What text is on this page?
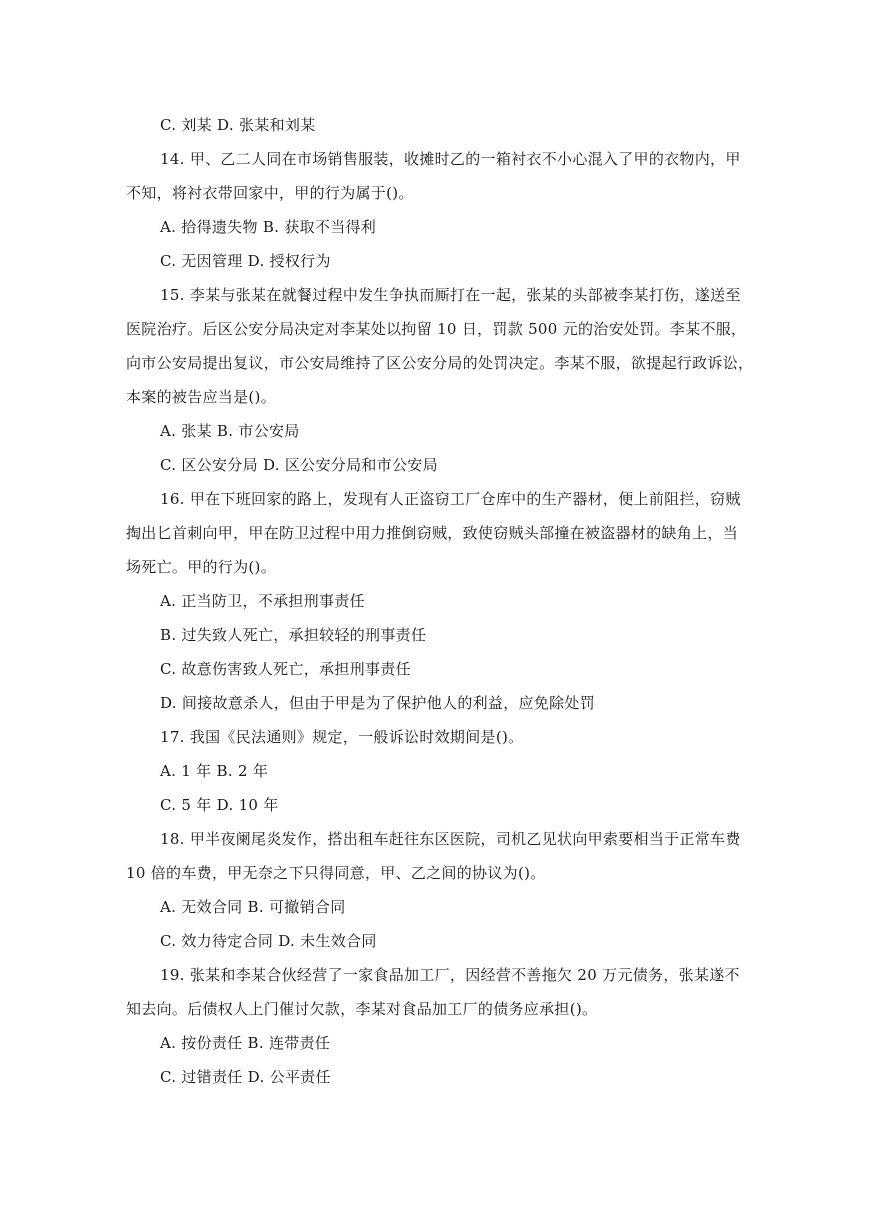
C. 刘某 D. 张某和刘某
14. 甲、乙二人同在市场销售服装，收摊时乙的一箱衬衣不小心混入了甲的衣物内，甲
不知，将衬衣带回家中，甲的行为属于()。
A. 拾得遗失物 B. 获取不当得利
C. 无因管理 D. 授权行为
15. 李某与张某在就餐过程中发生争执而厮打在一起，张某的头部被李某打伤，遂送至
医院治疗。后区公安分局决定对李某处以拘留 10 日，罚款 500 元的治安处罚。李某不服，
向市公安局提出复议，市公安局维持了区公安分局的处罚决定。李某不服，欲提起行政诉讼，
本案的被告应当是()。
A. 张某 B. 市公安局
C. 区公安分局 D. 区公安分局和市公安局
16. 甲在下班回家的路上，发现有人正盗窃工厂仓库中的生产器材，便上前阻拦，窃贼
掏出匕首刺向甲，甲在防卫过程中用力推倒窃贼，致使窃贼头部撞在被盗器材的缺角上，当
场死亡。甲的行为()。
A. 正当防卫，不承担刑事责任
B. 过失致人死亡，承担较轻的刑事责任
C. 故意伤害致人死亡，承担刑事责任
D. 间接故意杀人，但由于甲是为了保护他人的利益，应免除处罚
17. 我国《民法通则》规定，一般诉讼时效期间是()。
A. 1 年 B. 2 年
C. 5 年 D. 10 年
18. 甲半夜阑尾炎发作，搭出租车赶往东区医院，司机乙见状向甲索要相当于正常车费
10 倍的车费，甲无奈之下只得同意，甲、乙之间的协议为()。
A. 无效合同 B. 可撤销合同
C. 效力待定合同 D. 未生效合同
19. 张某和李某合伙经营了一家食品加工厂，因经营不善拖欠 20 万元债务，张某遂不
知去向。后债权人上门催讨欠款，李某对食品加工厂的债务应承担()。
A. 按份责任 B. 连带责任
C. 过错责任 D. 公平责任
